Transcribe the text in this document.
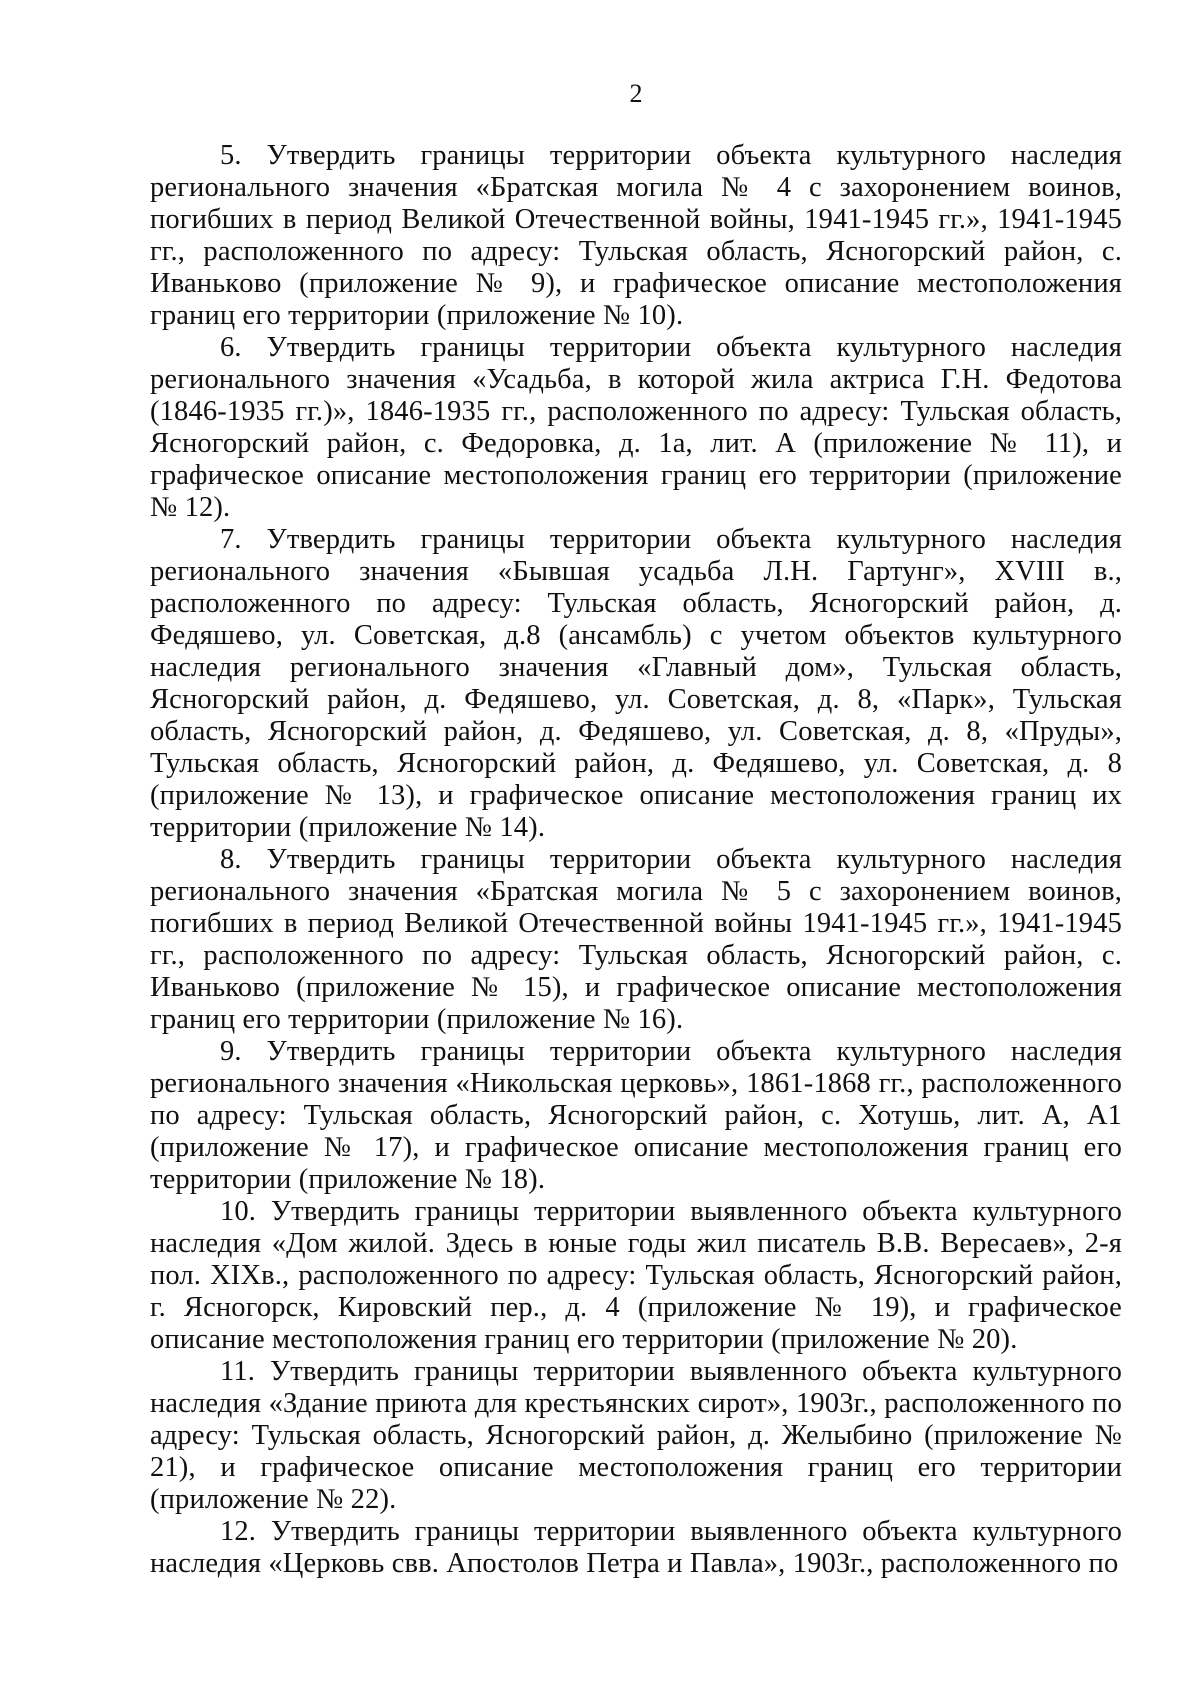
2

5. Утвердить границы территории объекта культурного наследия регионального значения «Братская могила № 4 с захоронением воинов, погибших в период Великой Отечественной войны, 1941-1945 гг.», 1941-1945 гг., расположенного по адресу: Тульская область, Ясногорский район, с. Иванькoво (приложение № 9), и графическое описание местоположения границ его территории (приложение № 10).

6. Утвердить границы территории объекта культурного наследия регионального значения «Усадьба, в которой жила актриса Г.Н. Федотова (1846-1935 гг.)», 1846-1935 гг., расположенного по адресу: Тульская область, Ясногорский район, с. Федоровка, д. 1а, лит. А (приложение № 11), и графическое описание местоположения границ его территории (приложение № 12).

7. Утвердить границы территории объекта культурного наследия регионального значения «Бывшая усадьба Л.Н. Гартунг», XVIII в., расположенного по адресу: Тульская область, Ясногорский район, д. Федяшево, ул. Советская, д.8 (ансамбль) с учетом объектов культурного наследия регионального значения «Главный дом», Тульская область, Ясногорский район, д. Федяшево, ул. Советская, д. 8, «Парк», Тульская область, Ясногорский район, д. Федяшево, ул. Советская, д. 8, «Пруды», Тульская область, Ясногорский район, д. Федяшево, ул. Советская, д. 8 (приложение № 13), и графическое описание местоположения границ их территории (приложение № 14).

8. Утвердить границы территории объекта культурного наследия регионального значения «Братская могила № 5 с захоронением воинов, погибших в период Великой Отечественной войны 1941-1945 гг.», 1941-1945 гг., расположенного по адресу: Тульская область, Ясногорский район, с. Иваньково (приложение № 15), и графическое описание местоположения границ его территории (приложение № 16).

9. Утвердить границы территории объекта культурного наследия регионального значения «Никольская церковь», 1861-1868 гг., расположенного по адресу: Тульская область, Ясногорский район, с. Хотушь, лит. А, А1 (приложение № 17), и графическое описание местоположения границ его территории (приложение № 18).

10. Утвердить границы территории выявленного объекта культурного наследия «Дом жилой. Здесь в юные годы жил писатель В.В. Вересаев», 2-я пол. XIXв., расположенного по адресу: Тульская область, Ясногорский район, г. Ясногорск, Кировский пер., д. 4 (приложение № 19), и графическое описание местоположения границ его территории (приложение № 20).

11. Утвердить границы территории выявленного объекта культурного наследия «Здание приюта для крестьянских сирот», 1903г., расположенного по адресу: Тульская область, Ясногорский район, д. Желыбино (приложение № 21), и графическое описание местоположения границ его территории (приложение № 22).

12. Утвердить границы территории выявленного объекта культурного наследия «Церковь свв. Апостолов Петра и Павла», 1903г., расположенного по
